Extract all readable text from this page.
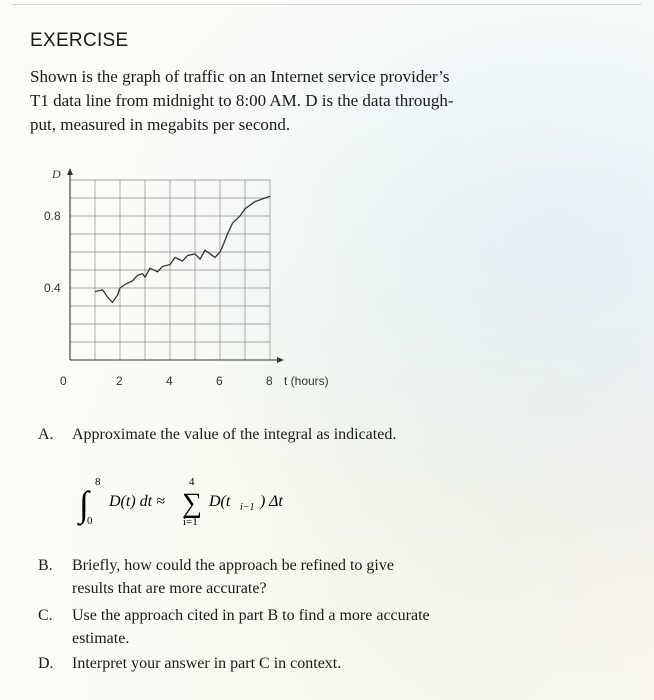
EXERCISE
Shown is the graph of traffic on an Internet service provider’s
T1 data line from midnight to 8:00 AM. D is the data through-
put, measured in megabits per second.
D
t (hours)
0.8
0.4
0	2	4	6	8
A. Approximate the value of the integral as indicated.
∫
8
0
D(t) dt ≈ ∑
4
i=1
D(t i−1 ) Δt
B. Briefly, how could the approach be refined to give
results that are more accurate?
C. Use the approach cited in part B to find a more accurate
estimate.
D. Interpret your answer in part C in context.
